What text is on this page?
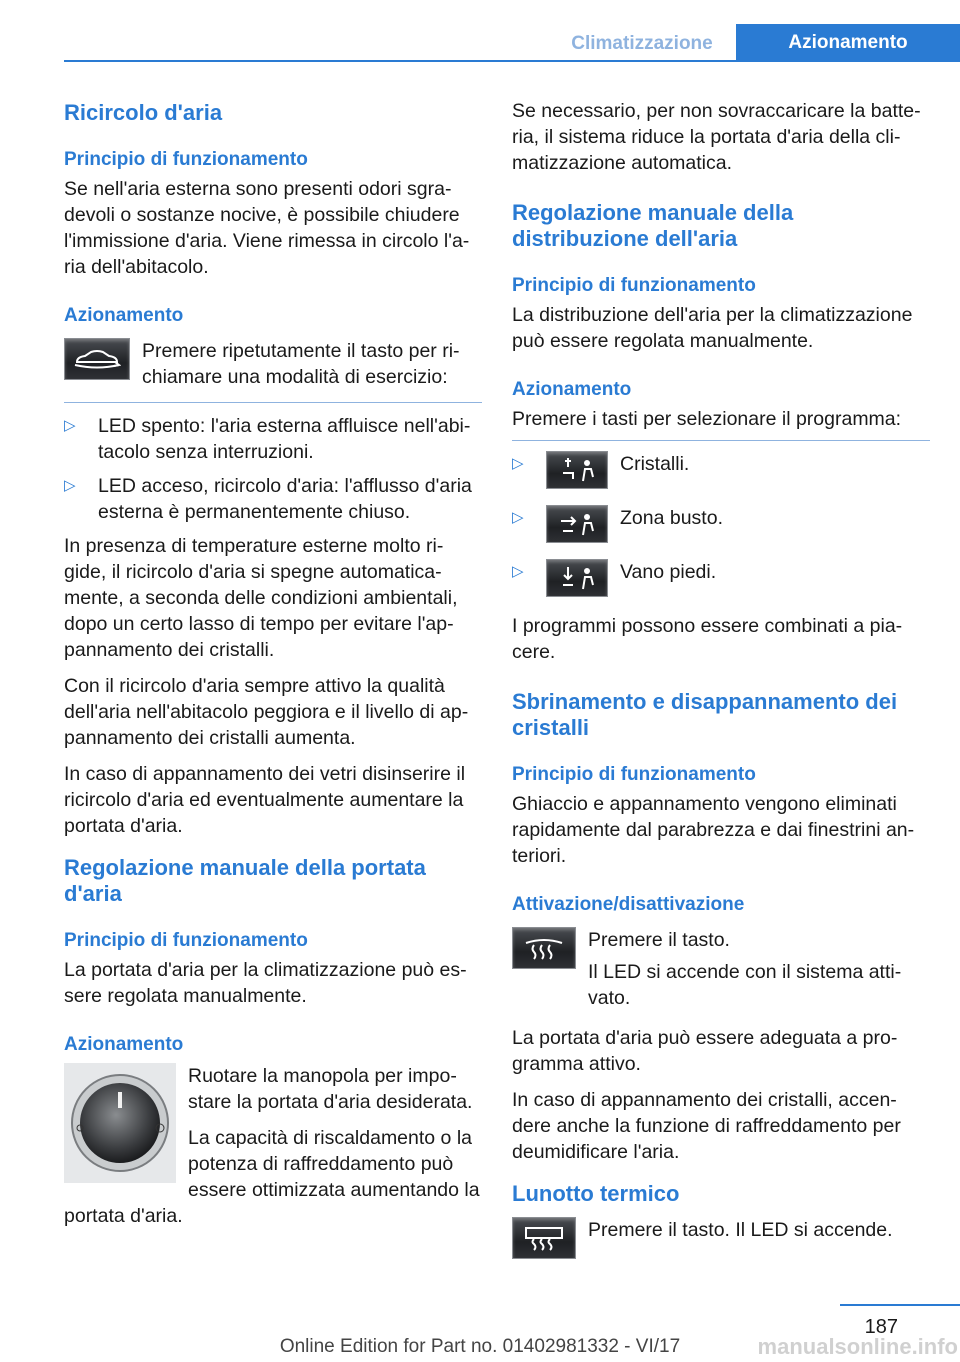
Climatizzazione	Azionamento
Ricircolo d'aria
Principio di funzionamento

Se nell'aria esterna sono presenti odori sgra-devoli o sostanze nocive, è possibile chiudere l'immissione d'aria. Viene rimessa in circolo l'a-ria dell'abitacolo.

Azionamento

Premere ripetutamente il tasto per ri-chiamare una modalità di esercizio:

▷ LED spento: l'aria esterna affluisce nell'abi-tacolo senza interruzioni.
▷ LED acceso, ricircolo d'aria: l'afflusso d'aria esterna è permanentemente chiuso.

In presenza di temperature esterne molto ri-gide, il ricircolo d'aria si spegne automatica-mente, a seconda delle condizioni ambientali, dopo un certo lasso di tempo per evitare l'ap-pannamento dei cristalli.

Con il ricircolo d'aria sempre attivo la qualità dell'aria nell'abitacolo peggiora e il livello di ap-pannamento dei cristalli aumenta.

In caso di appannamento dei vetri disinserire il ricircolo d'aria ed eventualmente aumentare la portata d'aria.

Regolazione manuale della portata d'aria
Principio di funzionamento

La portata d'aria per la climatizzazione può es-sere regolata manualmente.

Azionamento

Ruotare la manopola per impo-stare la portata d'aria desiderata.

La capacità di riscaldamento o la potenza di raffreddamento può essere ottimizzata aumentando la portata d'aria.

Se necessario, per non sovraccaricare la batte-ria, il sistema riduce la portata d'aria della cli-matizzazione automatica.

Regolazione manuale della distribuzione dell'aria
Principio di funzionamento

La distribuzione dell'aria per la climatizzazione può essere regolata manualmente.

Azionamento

Premere i tasti per selezionare il programma:

▷	Cristalli.
▷	Zona busto.
▷	Vano piedi.

I programmi possono essere combinati a pia-cere.

Sbrinamento e disappannamento dei cristalli
Principio di funzionamento

Ghiaccio e appannamento vengono eliminati rapidamente dal parabrezza e dai finestrini an-teriori.

Attivazione/disattivazione

Premere il tasto.

Il LED si accende con il sistema atti-vato.

La portata d'aria può essere adeguata a pro-gramma attivo.

In caso di appannamento dei cristalli, accen-dere anche la funzione di raffreddamento per deumidificare l'aria.

Lunotto termico

Premere il tasto. Il LED si accende.

187
Online Edition for Part no. 01402981332 - VI/17	manualsonline.info
